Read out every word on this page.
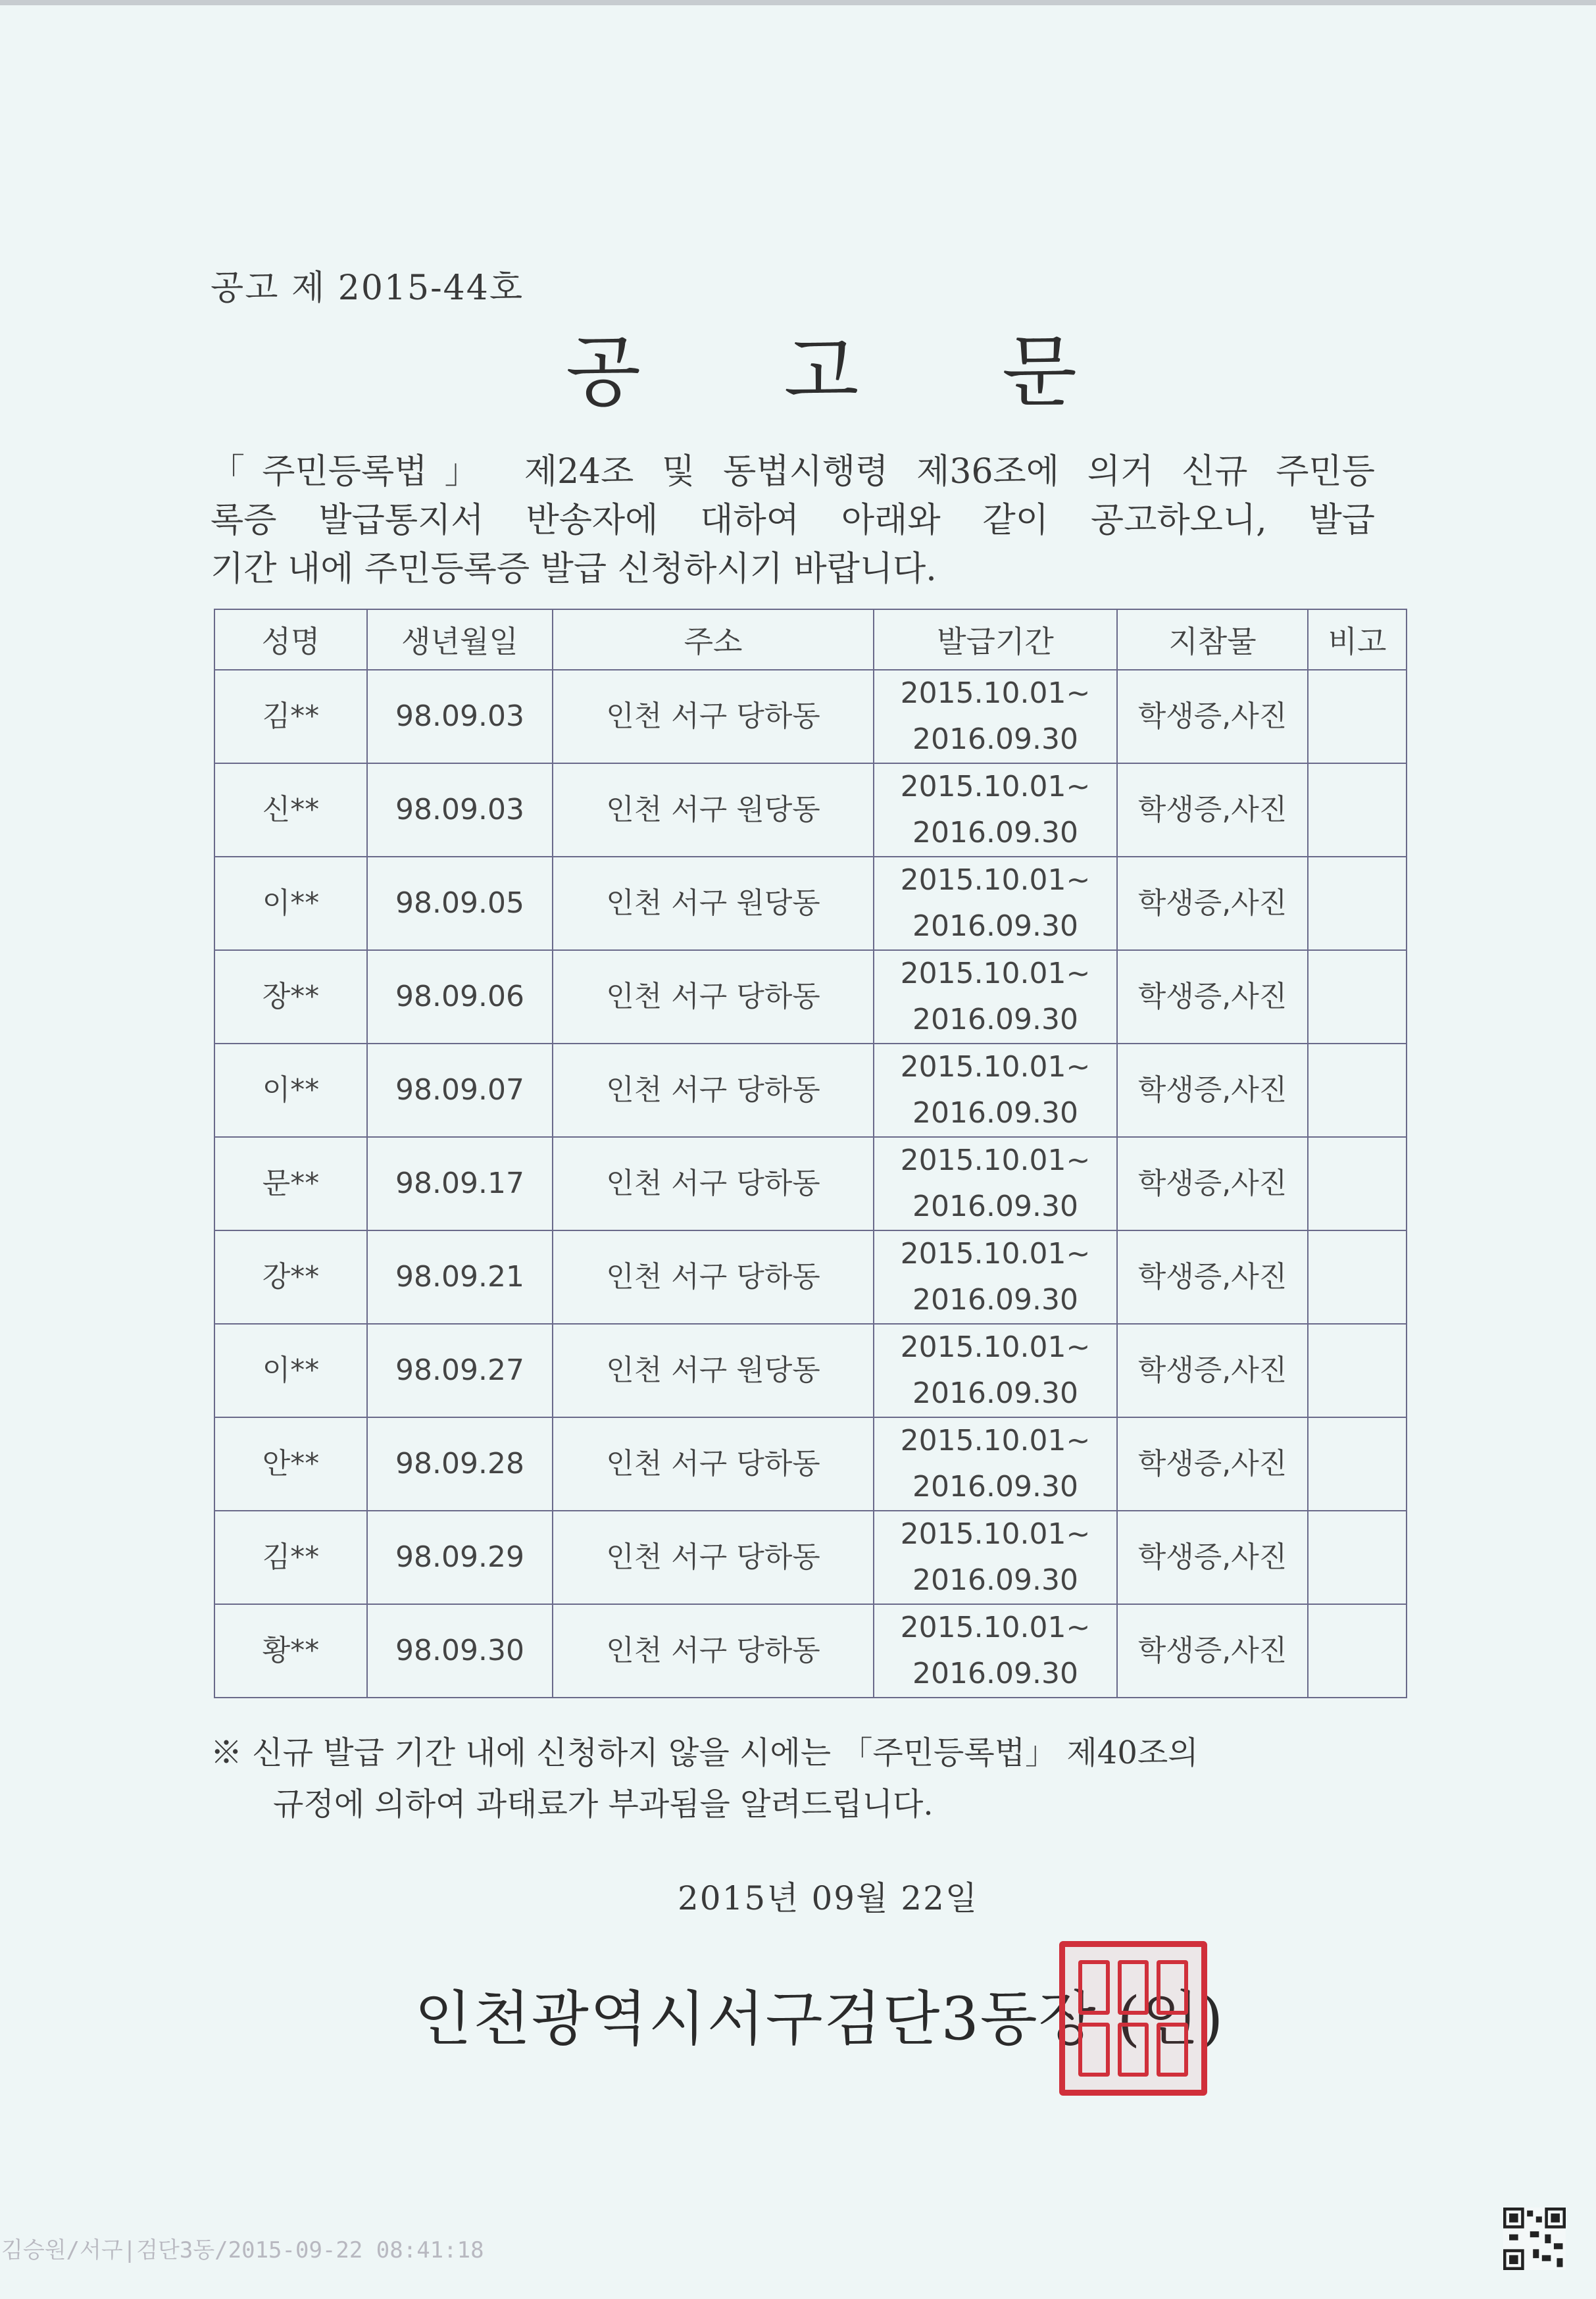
공고 제 2015-44호
공 고 문

「주민등록법」 제24조 및 동법시행령 제36조에 의거 신규 주민등

록증 발급통지서 반송자에 대하여 아래와 같이 공고하오니, 발급

기간 내에 주민등록증 발급 신청하시기 바랍니다.

성명	생년월일	주소	발급기간	지참물	비고

김**	98.09.03	인천 서구 당하동	2015.10.01~
2016.09.30	학생증,사진	

신**	98.09.03	인천 서구 원당동	2015.10.01~
2016.09.30	학생증,사진	

이**	98.09.05	인천 서구 원당동	2015.10.01~
2016.09.30	학생증,사진	

장**	98.09.06	인천 서구 당하동	2015.10.01~
2016.09.30	학생증,사진	

이**	98.09.07	인천 서구 당하동	2015.10.01~
2016.09.30	학생증,사진	

문**	98.09.17	인천 서구 당하동	2015.10.01~
2016.09.30	학생증,사진	

강**	98.09.21	인천 서구 당하동	2015.10.01~
2016.09.30	학생증,사진	

이**	98.09.27	인천 서구 원당동	2015.10.01~
2016.09.30	학생증,사진	

안**	98.09.28	인천 서구 당하동	2015.10.01~
2016.09.30	학생증,사진	

김**	98.09.29	인천 서구 당하동	2015.10.01~
2016.09.30	학생증,사진	

황**	98.09.30	인천 서구 당하동	2015.10.01~
2016.09.30	학생증,사진	

※ 신규 발급 기간 내에 신청하지 않을 시에는 「주민등록법」 제40조의

규정에 의하여 과태료가 부과됨을 알려드립니다.

2015년 09월 22일
인천광역시서구검단3동장 (인)
김승원/서구|검단3동/2015-09-22 08:41:18
